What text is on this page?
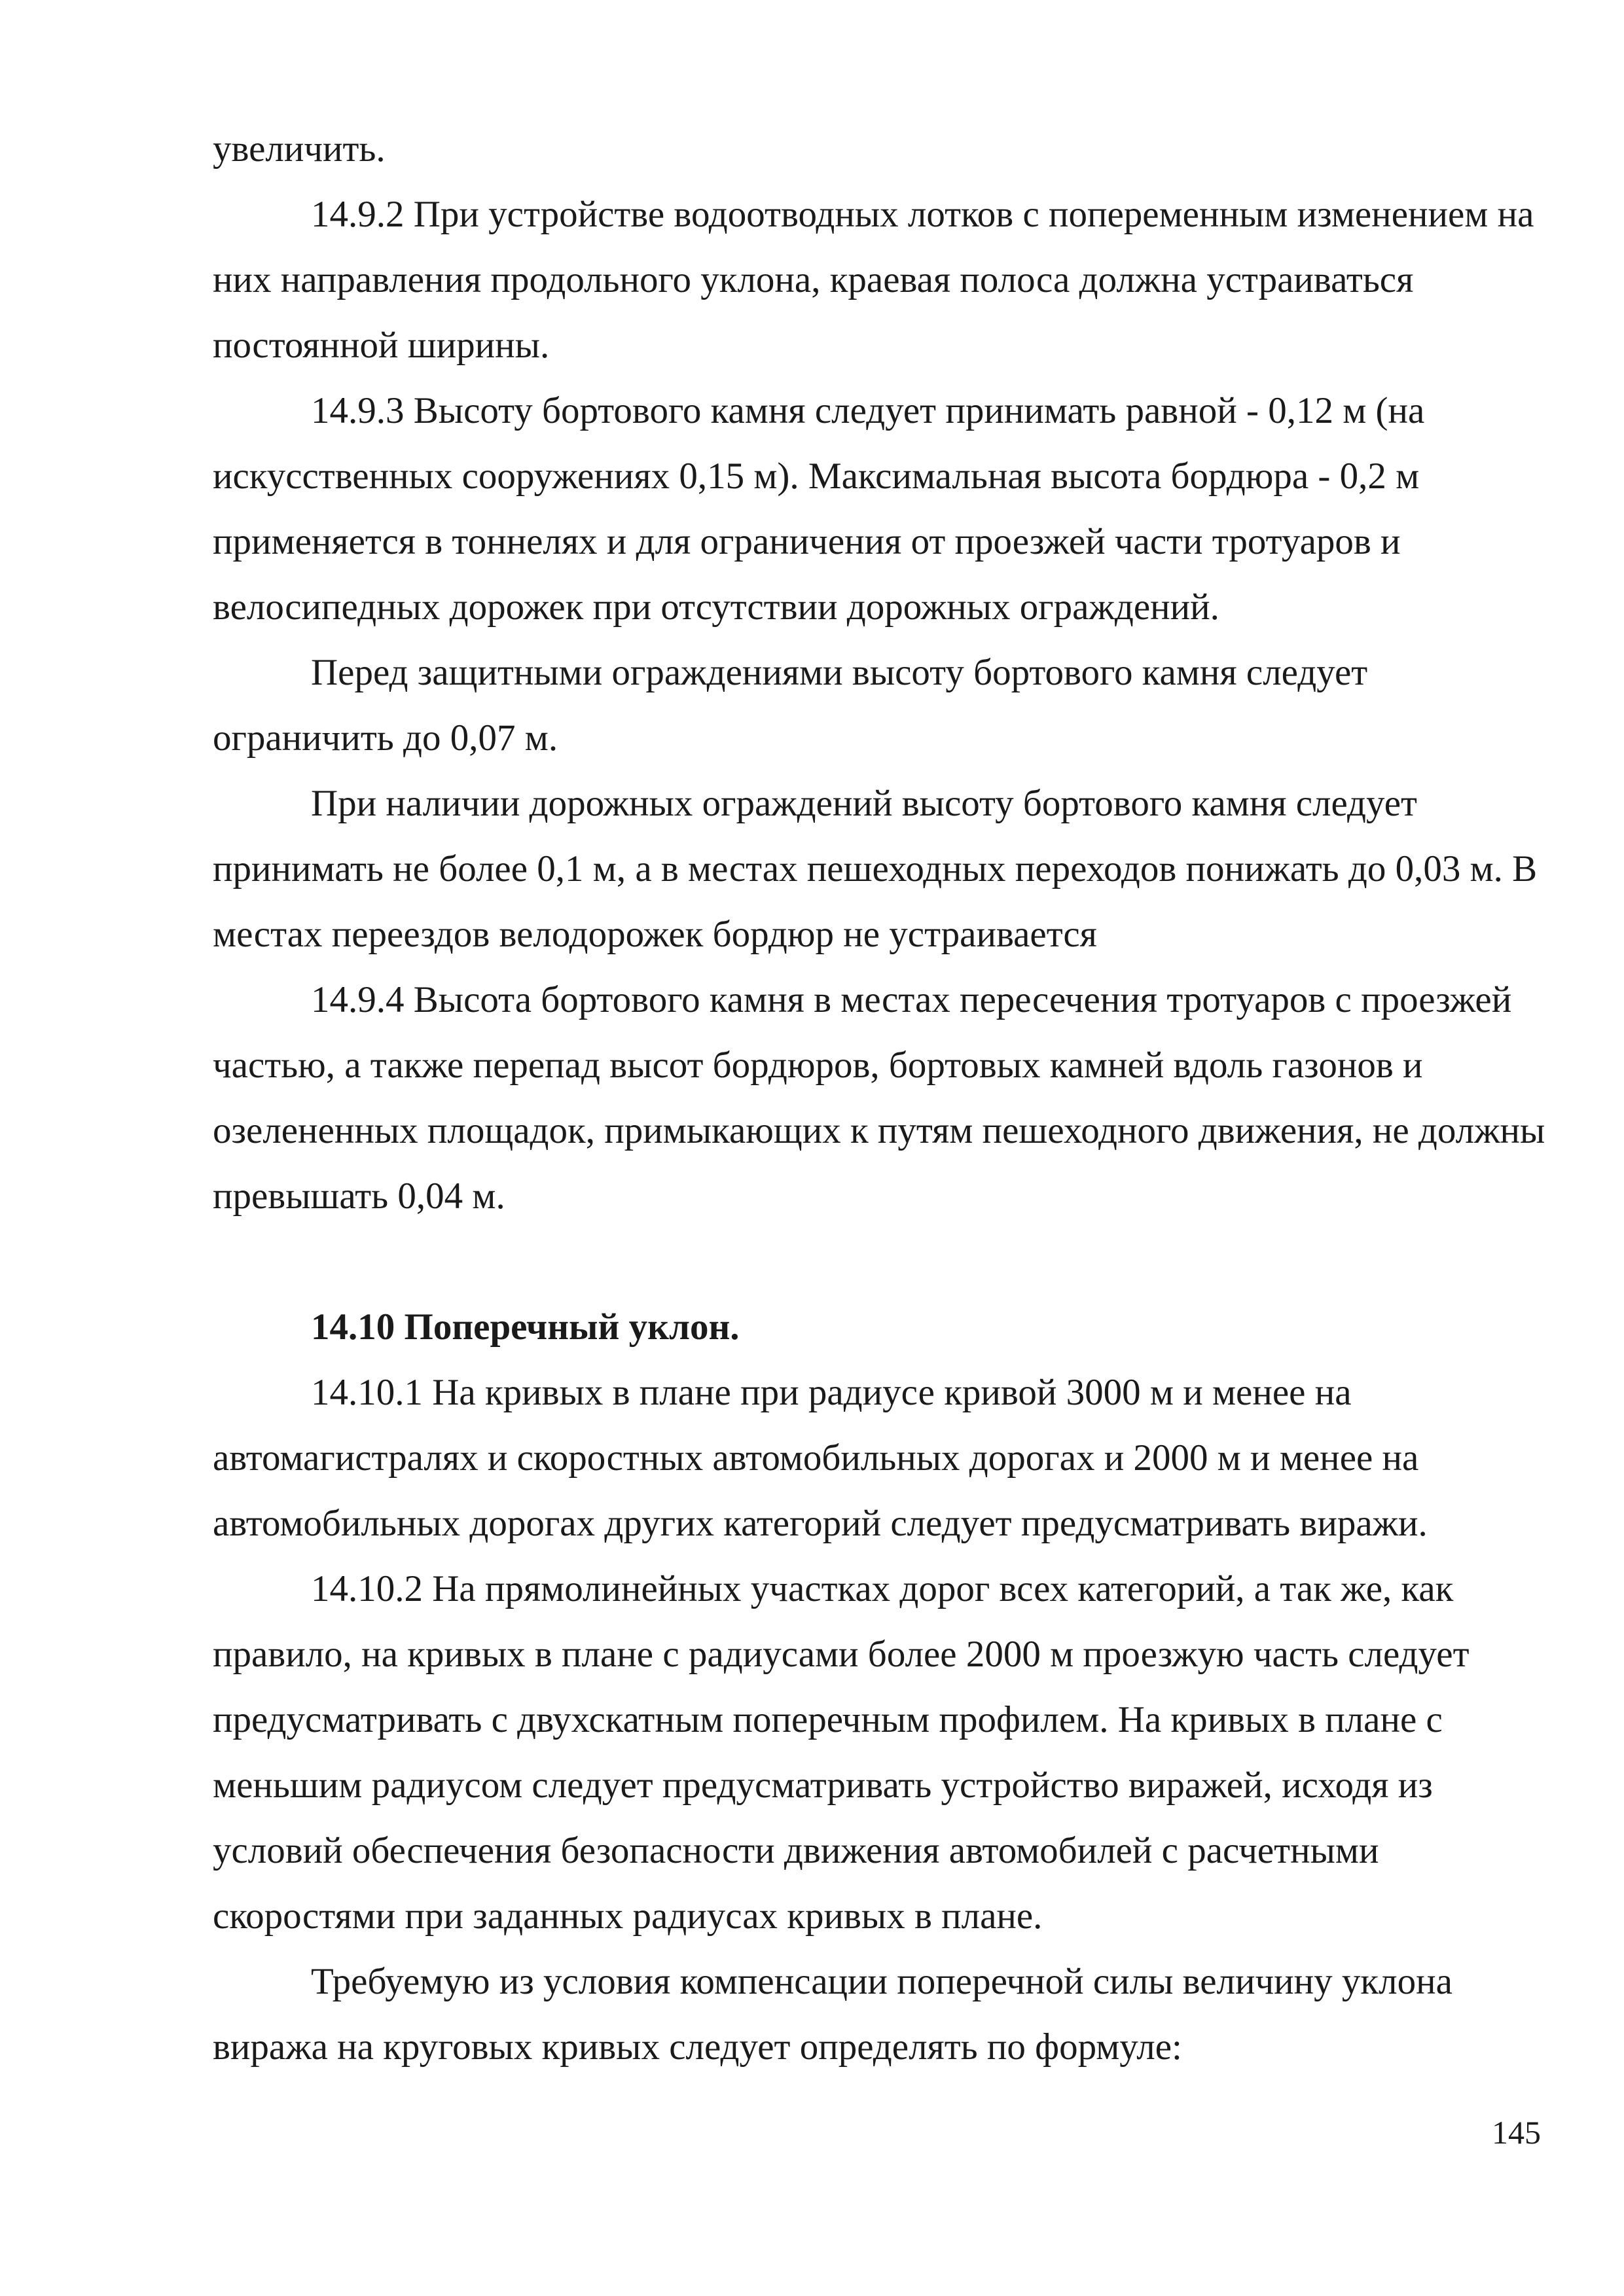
увеличить.

14.9.2 При устройстве водоотводных лотков с попеременным изменением на них направления продольного уклона, краевая полоса должна устраиваться постоянной ширины.

14.9.3 Высоту бортового камня следует принимать равной - 0,12 м (на искусственных сооружениях 0,15 м). Максимальная высота бордюра - 0,2 м применяется в тоннелях и для ограничения от проезжей части тротуаров и велосипедных дорожек при отсутствии дорожных ограждений.

Перед защитными ограждениями высоту бортового камня следует ограничить до 0,07 м.

При наличии дорожных ограждений высоту бортового камня следует принимать не более 0,1 м, а в местах пешеходных переходов понижать до 0,03 м. В местах переездов велодорожек бордюр не устраивается

14.9.4 Высота бортового камня в местах пересечения тротуаров с проезжей частью, а также перепад высот бордюров, бортовых камней вдоль газонов и озелененных площадок, примыкающих к путям пешеходного движения, не должны превышать 0,04 м.

14.10 Поперечный уклон.

14.10.1 На кривых в плане при радиусе кривой 3000 м и менее на автомагистралях и скоростных автомобильных дорогах и 2000 м и менее на автомобильных дорогах других категорий следует предусматривать виражи.

14.10.2 На прямолинейных участках дорог всех категорий, а так же, как правило, на кривых в плане с радиусами более 2000 м проезжую часть следует предусматривать с двухскатным поперечным профилем. На кривых в плане с меньшим радиусом следует предусматривать устройство виражей, исходя из условий обеспечения безопасности движения автомобилей с расчетными скоростями при заданных радиусах кривых в плане.

Требуемую из условия компенсации поперечной силы величину уклона виража на круговых кривых следует определять по формуле:

145
